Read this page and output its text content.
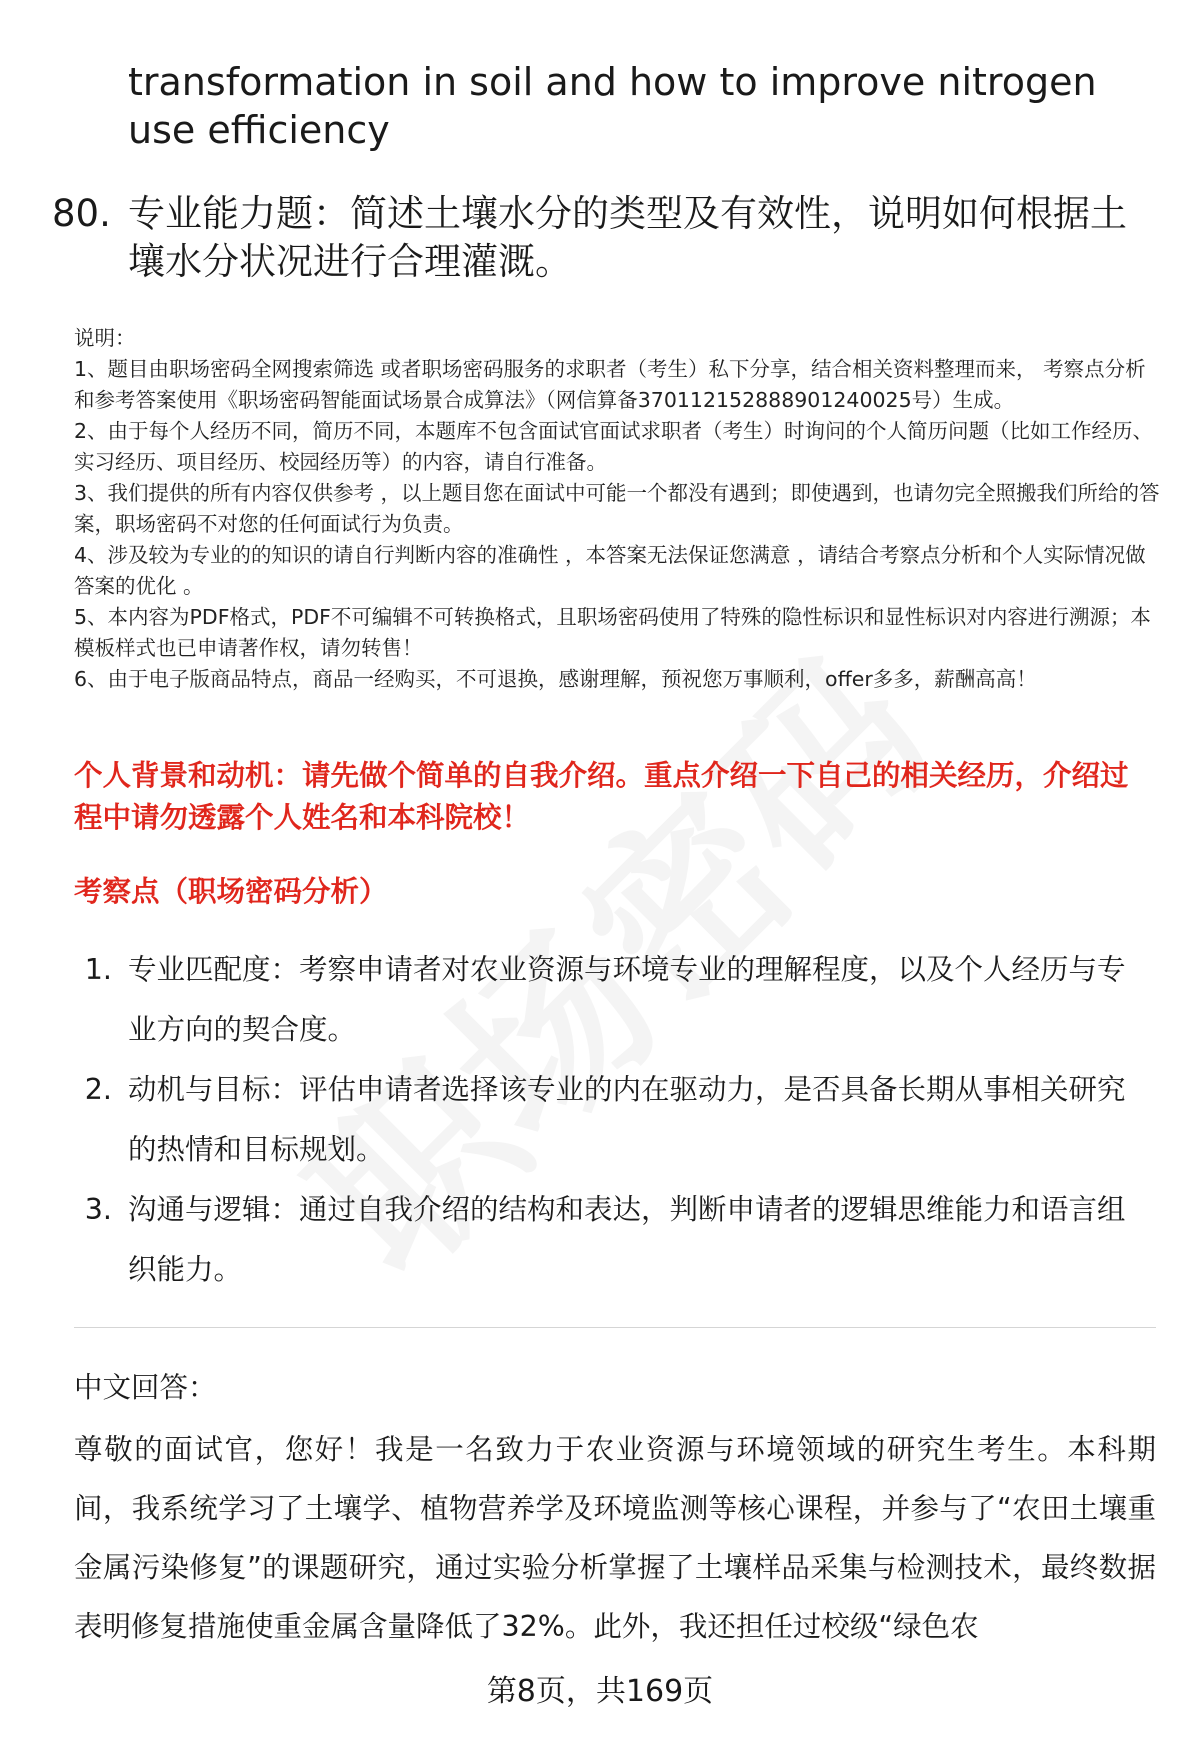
transformation in soil and how to improve nitrogen use efficiency
80. 专业能力题：简述土壤水分的类型及有效性，说明如何根据土壤水分状况进行合理灌溉。

说明：

1、题目由职场密码全网搜索筛选 或者职场密码服务的求职者（考生）私下分享，结合相关资料整理而来， 考察点分析和参考答案使用《职场密码智能面试场景合成算法》（网信算备370112152888901240025号）生成。

2、由于每个人经历不同，简历不同，本题库不包含面试官面试求职者（考生）时询问的个人简历问题（比如工作经历、实习经历、项目经历、校园经历等）的内容，请自行准备。

3、我们提供的所有内容仅供参考 ，以上题目您在面试中可能一个都没有遇到；即使遇到，也请勿完全照搬我们所给的答案，职场密码不对您的任何面试行为负责。

4、涉及较为专业的的知识的请自行判断内容的准确性 ，本答案无法保证您满意 ，请结合考察点分析和个人实际情况做答案的优化 。

5、本内容为PDF格式，PDF不可编辑不可转换格式，且职场密码使用了特殊的隐性标识和显性标识对内容进行溯源；本模板样式也已申请著作权，请勿转售！

6、由于电子版商品特点，商品一经购买，不可退换，感谢理解，预祝您万事顺利，offer多多，薪酬高高！

个人背景和动机：请先做个简单的自我介绍。重点介绍一下自己的相关经历，介绍过程中请勿透露个人姓名和本科院校！
考察点（职场密码分析）
1. 专业匹配度：考察申请者对农业资源与环境专业的理解程度，以及个人经历与专业方向的契合度。
2. 动机与目标：评估申请者选择该专业的内在驱动力，是否具备长期从事相关研究的热情和目标规划。
3. 沟通与逻辑：通过自我介绍的结构和表达，判断申请者的逻辑思维能力和语言组织能力。
中文回答：
尊敬的面试官，您好！我是一名致力于农业资源与环境领域的研究生考生。本科期间，我系统学习了土壤学、植物营养学及环境监测等核心课程，并参与了“农田土壤重金属污染修复”的课题研究，通过实验分析掌握了土壤样品采集与检测技术，最终数据表明修复措施使重金属含量降低了32%。此外，我还担任过校级“绿色农
第8页，共169页
